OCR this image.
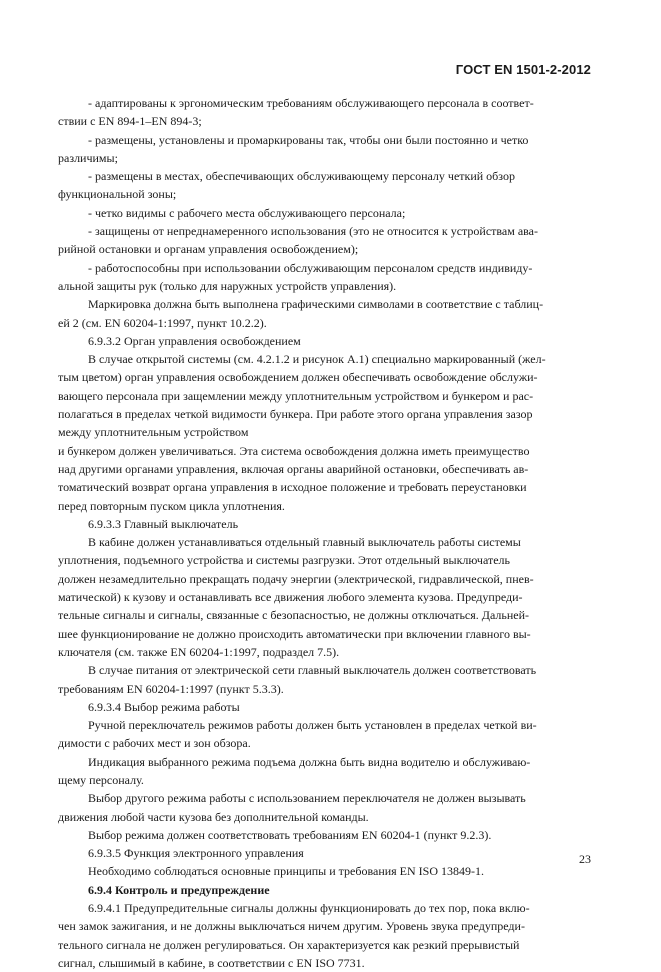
ГОСТ EN 1501-2-2012
- адаптированы к эргономическим требованиям обслуживающего персонала в соответ-
ствии с EN 894-1–EN 894-3;
- размещены, установлены и промаркированы так, чтобы они были постоянно и четко
различимы;
- размещены в местах, обеспечивающих обслуживающему персоналу четкий обзор
функциональной зоны;
- четко видимы с рабочего места обслуживающего персонала;
- защищены от непреднамеренного использования (это не относится к устройствам ава-
рийной остановки и органам управления освобождением);
- работоспособны при использовании обслуживающим персоналом средств индивиду-
альной защиты рук (только для наружных устройств управления).
Маркировка должна быть выполнена графическими символами в соответствие с таблиц-
ей 2 (см. EN 60204-1:1997, пункт 10.2.2).
6.9.3.2 Орган управления освобождением
В случае открытой системы (см. 4.2.1.2 и рисунок А.1) специально маркированный (жел-
тым цветом) орган управления освобождением должен обеспечивать освобождение обслужи-
вающего персонала при защемлении между уплотнительным устройством и бункером и рас-
полагаться в пределах четкой видимости бункера. При работе этого органа управления зазор
между уплотнительным устройством
и бункером должен увеличиваться. Эта система освобождения должна иметь преимущество
над другими органами управления, включая органы аварийной остановки, обеспечивать ав-
томатический возврат органа управления в исходное положение и требовать переустановки
перед повторным пуском цикла уплотнения.
6.9.3.3 Главный выключатель
В кабине должен устанавливаться отдельный главный выключатель работы системы
уплотнения, подъемного устройства и системы разгрузки. Этот отдельный выключатель
должен незамедлительно прекращать подачу энергии (электрической, гидравлической, пнев-
матической) к кузову и останавливать все движения любого элемента кузова. Предупреди-
тельные сигналы и сигналы, связанные с безопасностью, не должны отключаться. Дальней-
шее функционирование не должно происходить автоматически при включении главного вы-
ключателя (см. также EN 60204-1:1997, подраздел 7.5).
В случае питания от электрической сети главный выключатель должен соответствовать
требованиям EN 60204-1:1997 (пункт 5.3.3).
6.9.3.4 Выбор режима работы
Ручной переключатель режимов работы должен быть установлен в пределах четкой ви-
димости с рабочих мест и зон обзора.
Индикация выбранного режима подъема должна быть видна водителю и обслуживаю-
щему персоналу.
Выбор другого режима работы с использованием переключателя не должен вызывать
движения любой части кузова без дополнительной команды.
Выбор режима должен соответствовать требованиям EN 60204-1 (пункт 9.2.3).
6.9.3.5 Функция электронного управления
Необходимо соблюдаться основные принципы и требования EN ISO 13849-1.
6.9.4 Контроль и предупреждение
6.9.4.1 Предупредительные сигналы должны функционировать до тех пор, пока вклю-
чен замок зажигания, и не должны выключаться ничем другим. Уровень звука предупреди-
тельного сигнала не должен регулироваться. Он характеризуется как резкий прерывистый
сигнал, слышимый в кабине, в соответствии с EN ISO 7731.
23
